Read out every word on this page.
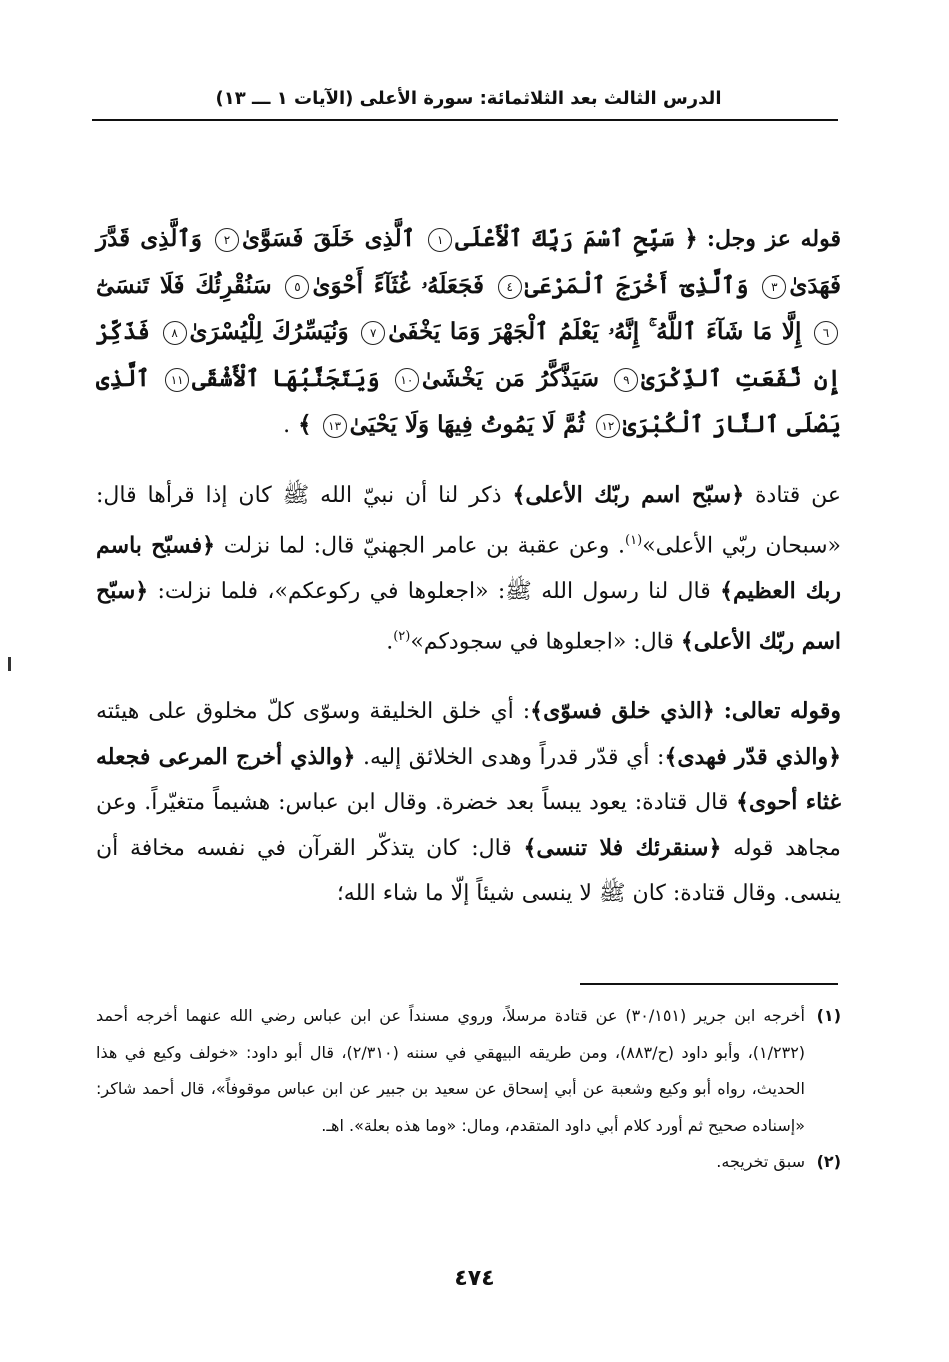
الدرس الثالث بعد الثلاثمائة: سورة الأعلى (الآيات ١ ـــ ١٣)

قوله عز وجل: ﴿ سَبِّحِ ٱسْمَ رَبِّكَ ٱلْأَعْلَى١ ٱلَّذِى خَلَقَ فَسَوَّىٰ٢ وَٱلَّذِى قَدَّرَ فَهَدَىٰ٣ وَٱلَّذِىٓ أَخْرَجَ ٱلْمَرْعَىٰ٤ فَجَعَلَهُۥ غُثَآءً أَحْوَىٰ٥ سَنُقْرِئُكَ فَلَا تَنسَىٰٓ٦ إِلَّا مَا شَآءَ ٱللَّهُ ۚ إِنَّهُۥ يَعْلَمُ ٱلْجَهْرَ وَمَا يَخْفَىٰ٧ وَنُيَسِّرُكَ لِلْيُسْرَىٰ٨ فَذَكِّرْ إِن نَّفَعَتِ ٱلذِّكْرَىٰ٩ سَيَذَّكَّرُ مَن يَخْشَىٰ١٠ وَيَتَجَنَّبُهَا ٱلْأَشْقَى١١ ٱلَّذِى يَصْلَى ٱلنَّارَ ٱلْكُبْرَىٰ١٢ ثُمَّ لَا يَمُوتُ فِيهَا وَلَا يَحْيَىٰ١٣ ﴾ .

عن قتادة ﴿سبّح اسم ربّك الأعلى﴾ ذكر لنا أن نبيّ الله ﷺ كان إذا قرأها قال: «سبحان ربّي الأعلى»$^{(١)}$. وعن عقبة بن عامر الجهنيّ قال: لما نزلت ﴿فسبّح باسم ربك العظيم﴾ قال لنا رسول الله ﷺ: «اجعلوها في ركوعكم»، فلما نزلت: ﴿سبّح اسم ربّك الأعلى﴾ قال: «اجعلوها في سجودكم»$^{(٢)}$.

وقوله تعالى: ﴿الذي خلق فسوّى﴾: أي خلق الخليقة وسوّى كلّ مخلوق على هيئته ﴿والذي قدّر فهدى﴾: أي قدّر قدراً وهدى الخلائق إليه. ﴿والذي أخرج المرعى فجعله غثاء أحوى﴾ قال قتادة: يعود يبساً بعد خضرة. وقال ابن عباس: هشيماً متغيّراً. وعن مجاهد قوله ﴿سنقرئك فلا تنسى﴾ قال: كان يتذكّر القرآن في نفسه مخافة أن ينسى. وقال قتادة: كان ﷺ لا ينسى شيئاً إلّا ما شاء الله؛

(١)
أخرجه ابن جرير (٣٠/١٥١) عن قتادة مرسلاً، وروي مسنداً عن ابن عباس رضي الله عنهما أخرجه أحمد (١/٢٣٢)، وأبو داود (ح/٨٨٣)، ومن طريقه البيهقي في سننه (٢/٣١٠)، قال أبو داود: «خولف وكيع في هذا الحديث، رواه أبو وكيع وشعبة عن أبي إسحاق عن سعيد بن جبير عن ابن عباس موقوفاً»، قال أحمد شاكر: «إسناده صحيح ثم أورد كلام أبي داود المتقدم، ومال: «وما هذه بعلة». اهـ.
(٢)
سبق تخريجه.
٤٧٤
